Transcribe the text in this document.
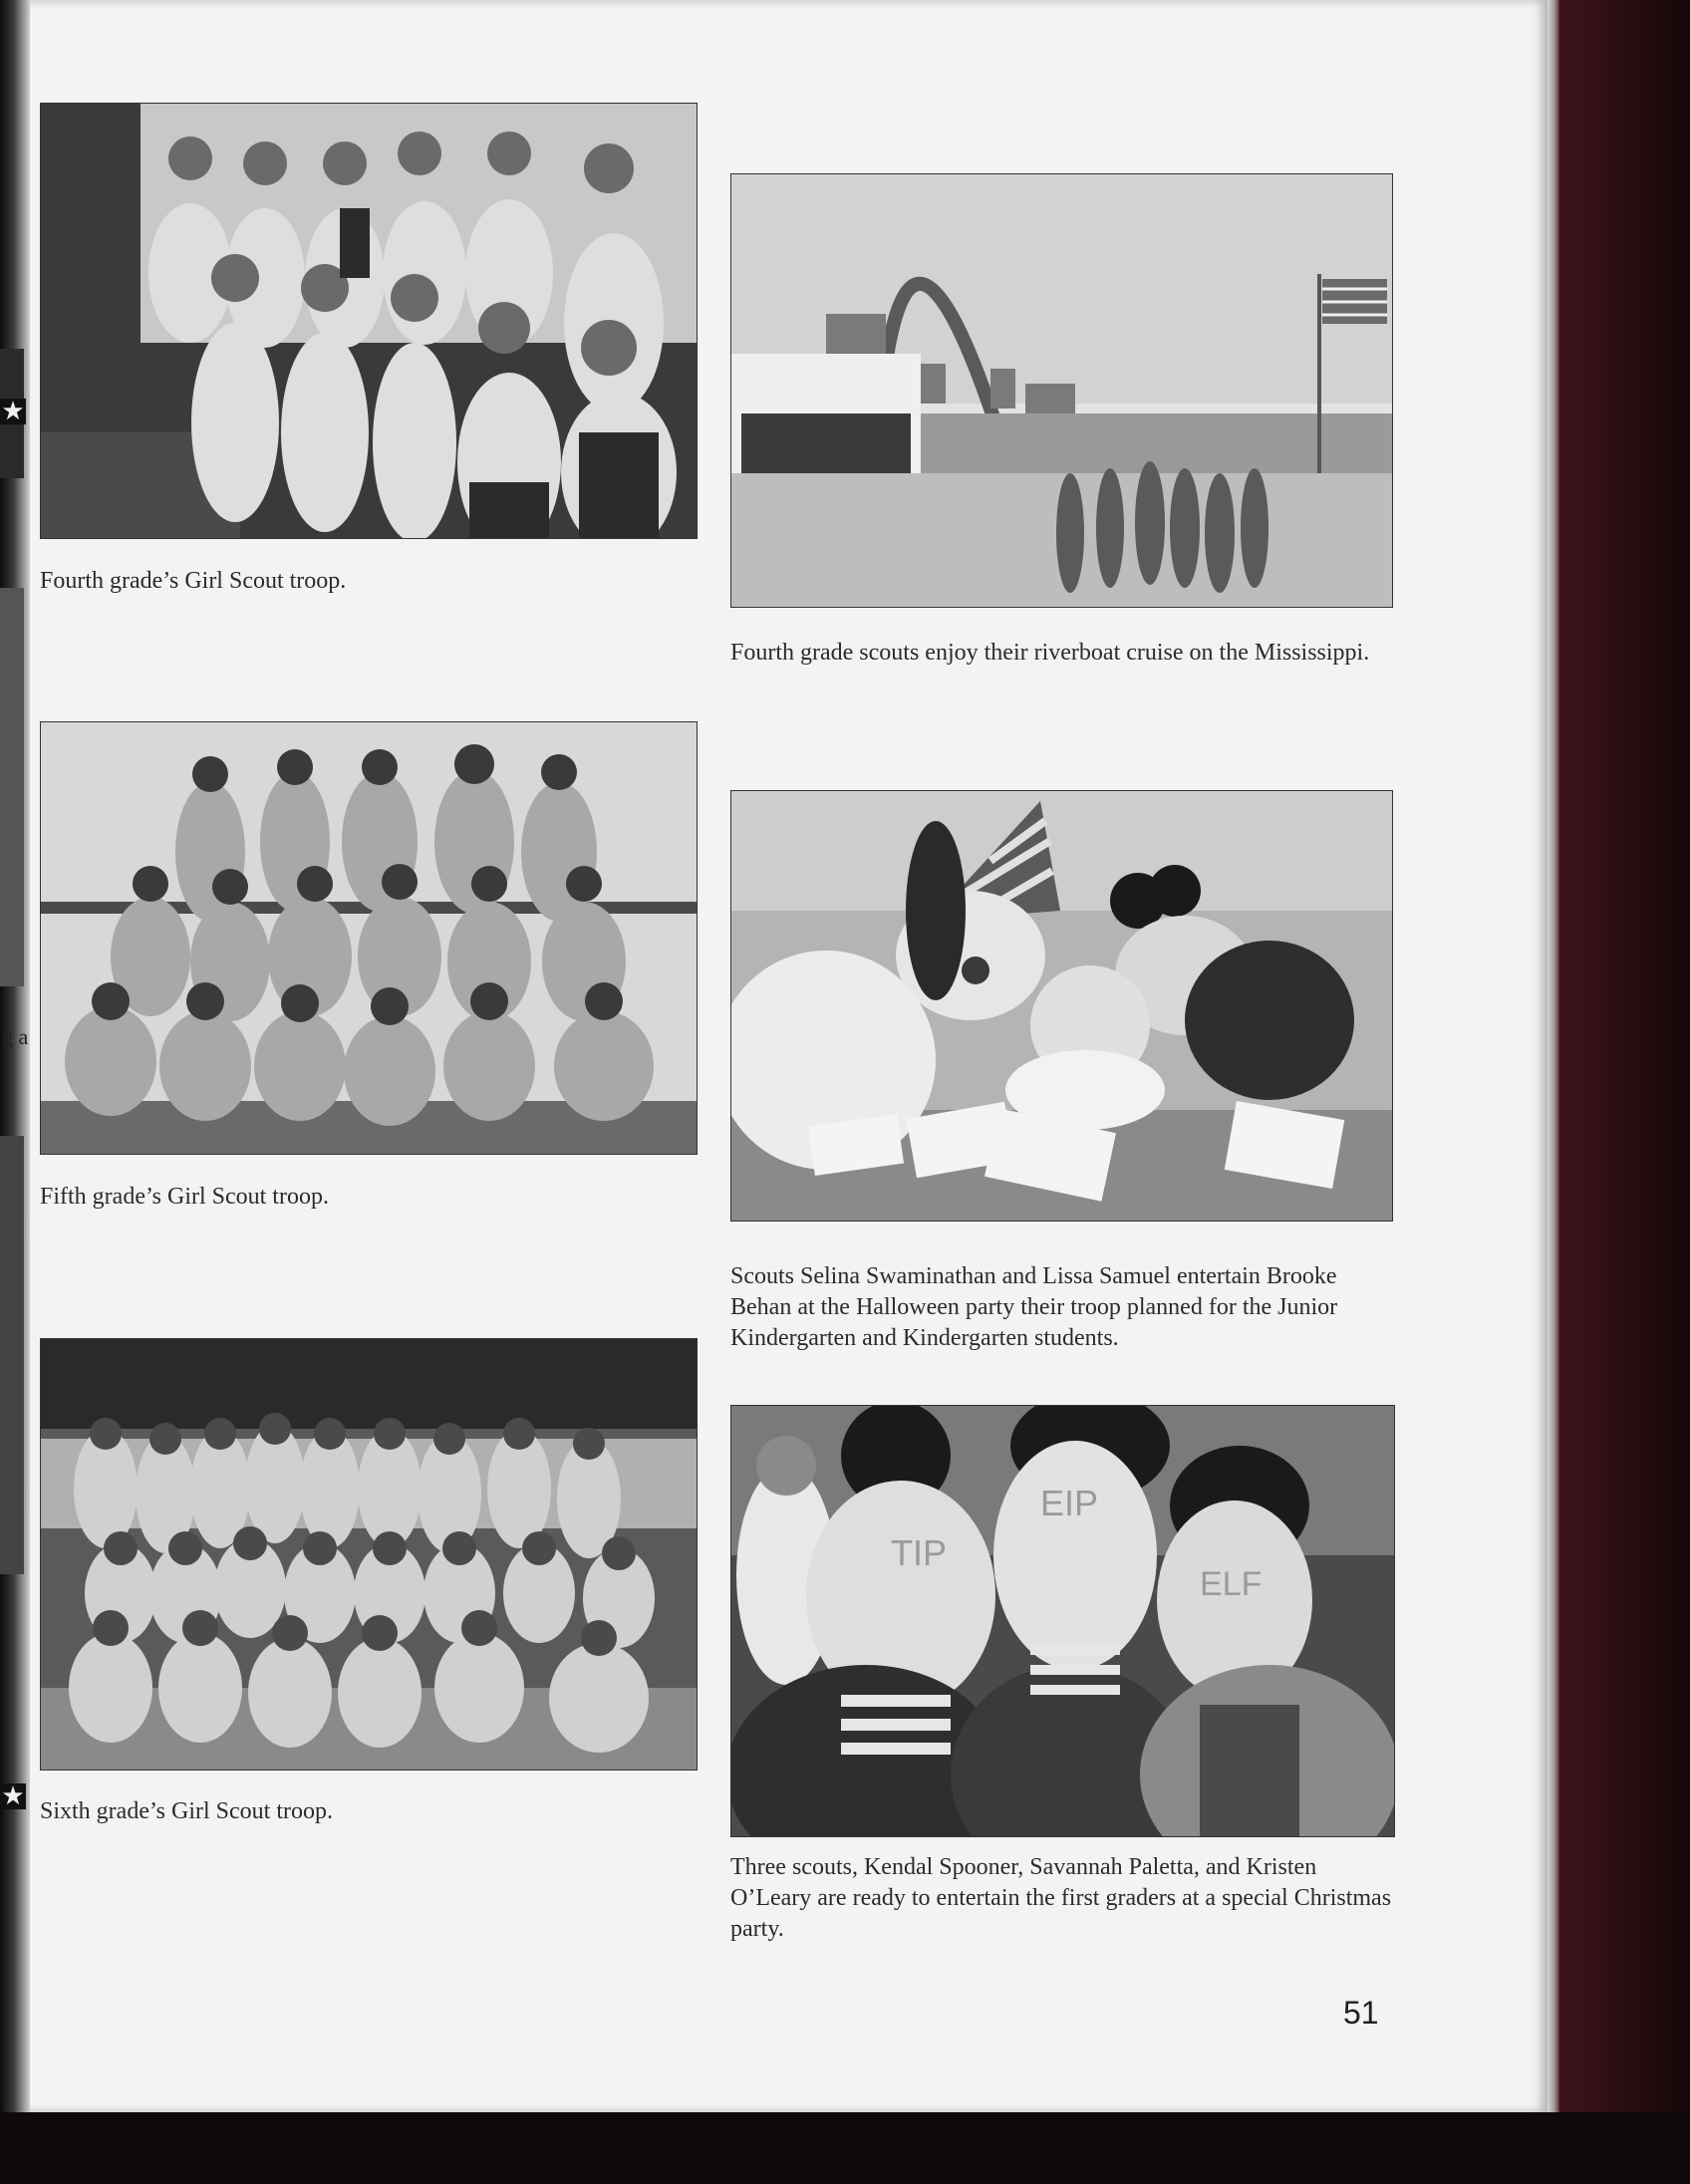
★
★
g a

Fourth grade’s Girl Scout troop.

Fourth grade scouts enjoy their riverboat cruise on the Mississippi.

Fifth grade’s Girl Scout troop.

Scouts Selina Swaminathan and Lissa Samuel entertain Brooke Behan at the Halloween party their troop planned for the Junior Kindergarten and Kindergarten students.

Sixth grade’s Girl Scout troop.

TIP
EIP
ELF

Three scouts, Kendal Spooner, Savannah Paletta, and Kristen O’Leary are ready to entertain the first graders at a special Christmas party.

51
